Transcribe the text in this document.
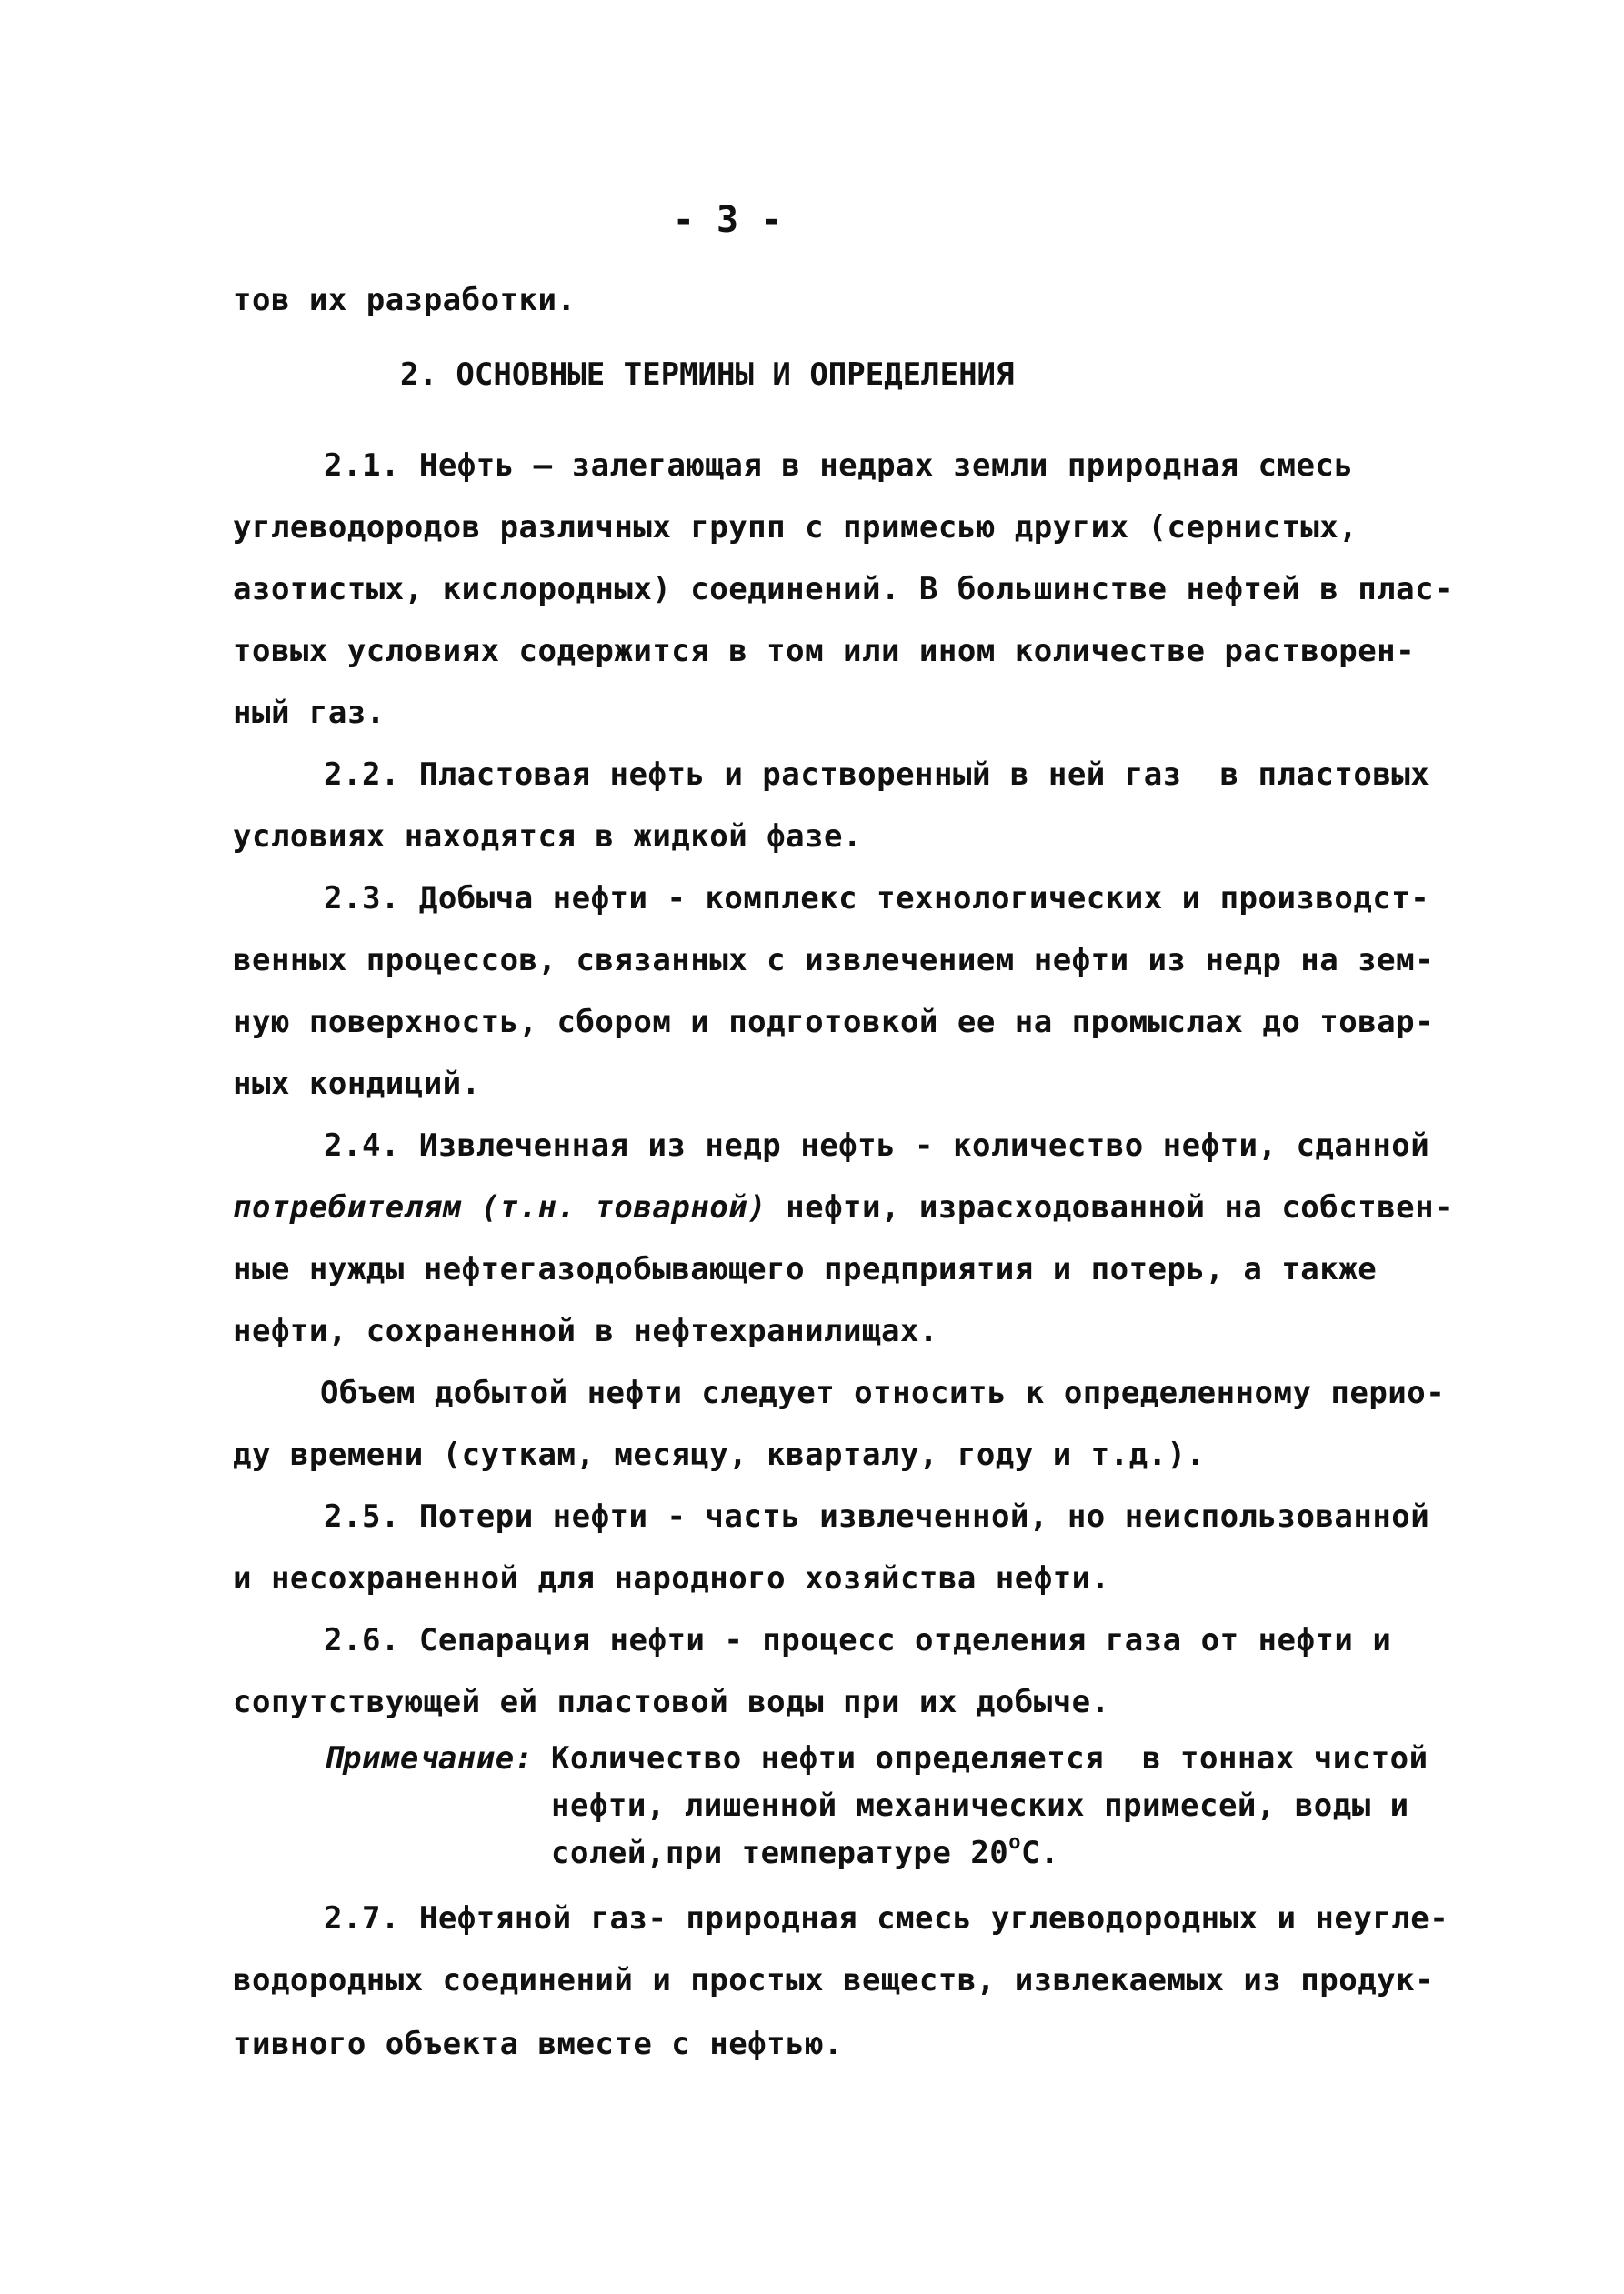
- 3 -
тов их разработки.
2. ОСНОВНЫЕ ТЕРМИНЫ И ОПРЕДЕЛЕНИЯ
2.1. Нефть — залегающая в недрах земли природная смесь
углеводородов различных групп с примесью других (сернистых,
азотистых, кислородных) соединений. В большинстве нефтей в плас-
товых условиях содержится в том или ином количестве растворен-
ный газ.
2.2. Пластовая нефть и растворенный в ней газ  в пластовых
условиях находятся в жидкой фазе.
2.3. Добыча нефти - комплекс технологических и производст-
венных процессов, связанных с извлечением нефти из недр на зем-
ную поверхность, сбором и подготовкой ее на промыслах до товар-
ных кондиций.
2.4. Извлеченная из недр нефть - количество нефти, сданной
потребителям (т.н. товарной) нефти, израсходованной на собствен-
ные нужды нефтегазодобывающего предприятия и потерь, а также
нефти, сохраненной в нефтехранилищах.
Объем добытой нефти следует относить к определенному перио-
ду времени (суткам, месяцу, кварталу, году и т.д.).
2.5. Потери нефти - часть извлеченной, но неиспользованной
и несохраненной для народного хозяйства нефти.
2.6. Сепарация нефти - процесс отделения газа от нефти и
сопутствующей ей пластовой воды при их добыче.
Примечание: Количество нефти определяется  в тоннах чистой
нефти, лишенной механических примесей, воды и
солей,при температуре $20^оС$.
2.7. Нефтяной газ- природная смесь углеводородных и неугле-
водородных соединений и простых веществ, извлекаемых из продук-
тивного объекта вместе с нефтью.
